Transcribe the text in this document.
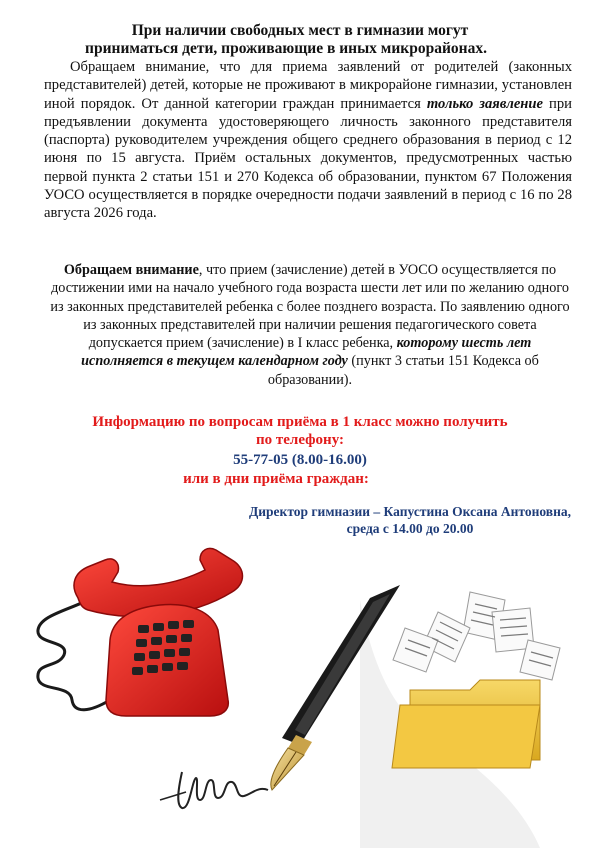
При наличии свободных мест в гимназии могут
приниматься дети, проживающие в иных микрорайонах.
Обращаем внимание, что для приема заявлений от родителей (законных представителей) детей, которые не проживают в микрорайоне гимназии, установлен иной порядок. От данной категории граждан принимается только заявление при предъявлении документа удостоверяющего личность законного представителя (паспорта) руководителем учреждения общего среднего образования в период с 12 июня по 15 августа. Приём остальных документов, предусмотренных частью первой пункта 2 статьи 151 и 270 Кодекса об образовании, пунктом 67 Положения УОСО осуществляется в порядке очередности подачи заявлений в период с 16 по 28 августа 2026 года.
Обращаем внимание, что прием (зачисление) детей в УОСО осуществляется по достижении ими на начало учебного года возраста шести лет или по желанию одного из законных представителей ребенка с более позднего возраста. По заявлению одного из законных представителей при наличии решения педагогического совета допускается прием (зачисление) в I класс ребенка, которому шесть лет исполняется в текущем календарном году (пункт 3 статьи 151 Кодекса об образовании).
Информацию по вопросам приёма в 1 класс можно получить
по телефону:
55-77-05 (8.00-16.00)
или в дни приёма граждан:
Директор гимназии – Капустина Оксана Антоновна,
среда с 14.00 до 20.00
